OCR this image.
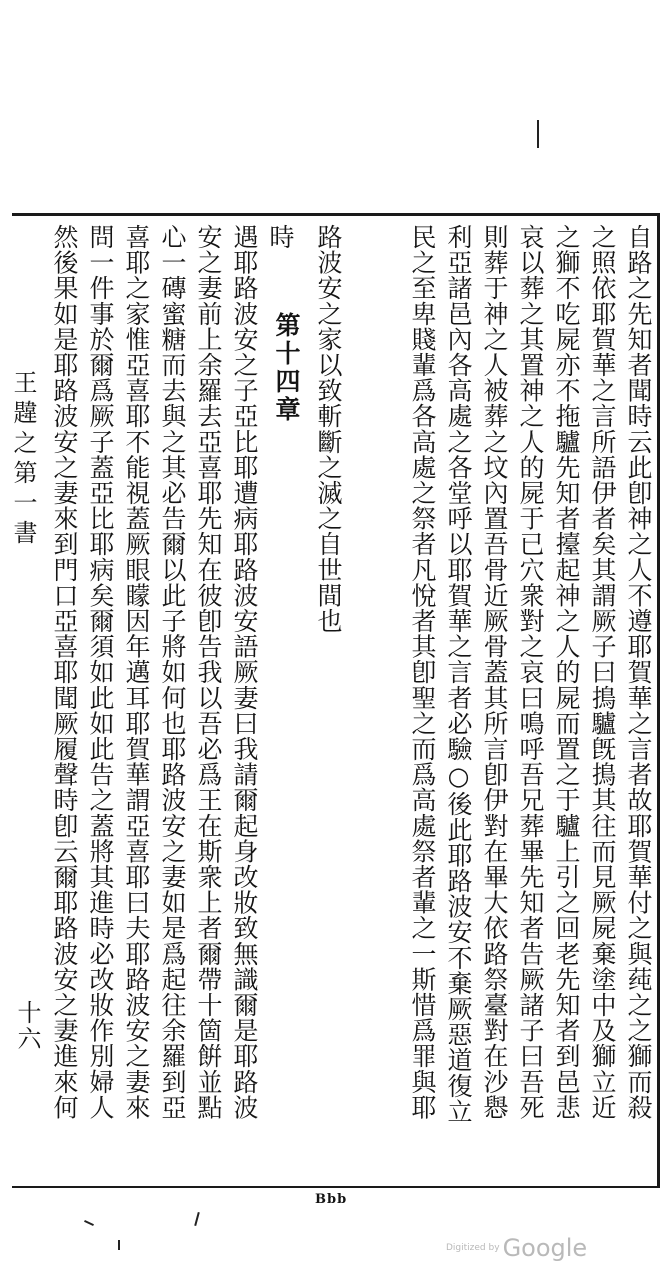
王韙之第一書
十六	自路之先知者聞時云此卽神之人不遵耶賀華之言者故耶賀華付之與莼之之獅而殺
之照依耶賀華之言所語伊者矣其謂厥子曰㨶驢旣㨶其往而見厥屍棄塗中及獅立近
之獅不吃屍亦不拖驢先知者擡起神之人的屍而置之于驢上引之回老先知者到邑悲
哀以葬之其置神之人的屍于已穴衆對之哀曰鳴呼吾兄葬畢先知者告厥諸子曰吾死
則葬于神之人被葬之坟內置吾骨近厥骨蓋其所言卽伊對在畢大依路祭臺對在沙㦛
利亞諸邑內各高處之各堂呼以耶賀華之言者必驗○後此耶路波安不棄厥惡道復立
民之至卑賤輩爲各高處之祭者凡悅者其卽聖之而爲高處祭者輩之一斯惜爲罪與耶
路波安之家以致斬斷之滅之自世間也
第十四章
時
遇耶路波安之子亞比耶遭病耶路波安語厥妻曰我請爾起身改妝致無識爾是耶路波
安之妻前上余羅去亞喜耶先知在彼卽告我以吾必爲王在斯衆上者爾帶十箇餠並點
心一磚蜜糖而去與之其必告爾以此子將如何也耶路波安之妻如是爲起往余羅到亞
喜耶之家惟亞喜耶不能視蓋厥眼矇因年邁耳耶賀華謂亞喜耶曰夫耶路波安之妻來
問一件事於爾爲厥子蓋亞比耶病矣爾須如此如此告之蓋將其進時必改妝作別婦人
然後果如是耶路波安之妻來到門口亞喜耶聞厥履聲時卽云爾耶路波安之妻進來何
Bbb
Digitized by Google
